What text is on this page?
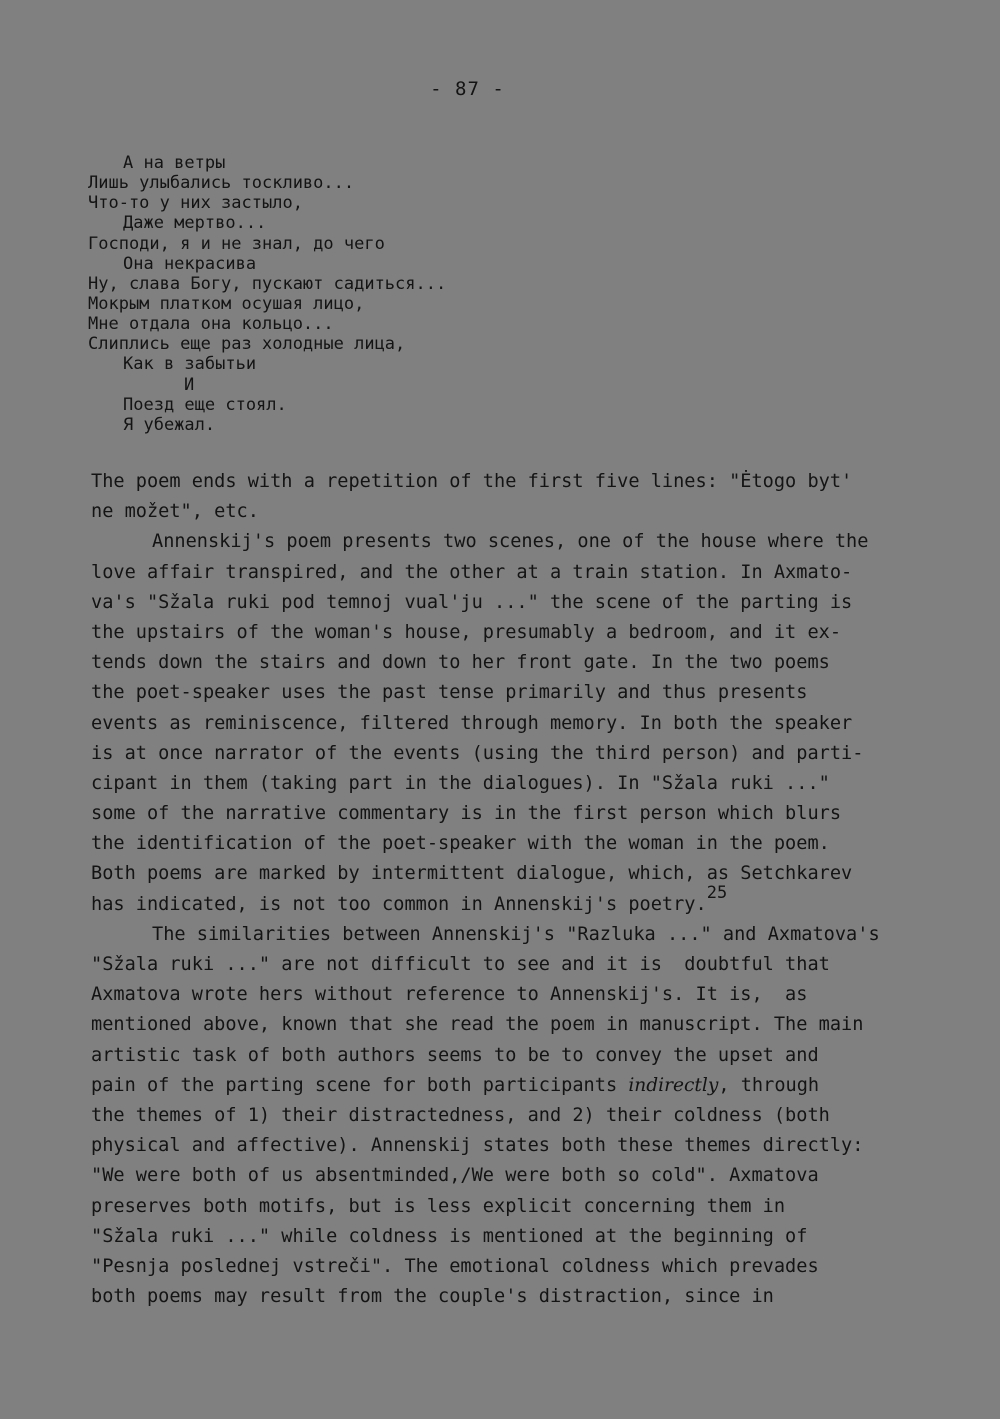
- 87 -
А на ветры
Лишь улыбались тоскливо...
Что-то у них застыло,
Даже мертво...
Господи, я и не знал, до чего
Она некрасива
Ну, слава Богу, пускают садиться...
Мокрым платком осушая лицо,
Мне отдала она кольцо...
Слиплись еще раз холодные лица,
Как в забытьи
И
Поезд еще стоял.
Я убежал.
The poem ends with a repetition of the first five lines: "Ėtogo byt'
ne možet", etc.
Annenskij's poem presents two scenes, one of the house where the
love affair transpired, and the other at a train station. In Axmato-
va's "Sžala ruki pod temnoj vual'ju ..." the scene of the parting is
the upstairs of the woman's house, presumably a bedroom, and it ex-
tends down the stairs and down to her front gate. In the two poems
the poet-speaker uses the past tense primarily and thus presents
events as reminiscence, filtered through memory. In both the speaker
is at once narrator of the events (using the third person) and parti-
cipant in them (taking part in the dialogues). In "Sžala ruki ..."
some of the narrative commentary is in the first person which blurs
the identification of the poet-speaker with the woman in the poem.
Both poems are marked by intermittent dialogue, which, as Setchkarev
has indicated, is not too common in Annenskij's poetry.25
The similarities between Annenskij's "Razluka ..." and Axmatova's
"Sžala ruki ..." are not difficult to see and it is  doubtful that
Axmatova wrote hers without reference to Annenskij's. It is,  as
mentioned above, known that she read the poem in manuscript. The main
artistic task of both authors seems to be to convey the upset and
pain of the parting scene for both participants indirectly, through
the themes of 1) their distractedness, and 2) their coldness (both
physical and affective). Annenskij states both these themes directly:
"We were both of us absentminded,/We were both so cold". Axmatova
preserves both motifs, but is less explicit concerning them in
"Sžala ruki ..." while coldness is mentioned at the beginning of
"Pesnja poslednej vstreči". The emotional coldness which prevades
both poems may result from the couple's distraction, since in
